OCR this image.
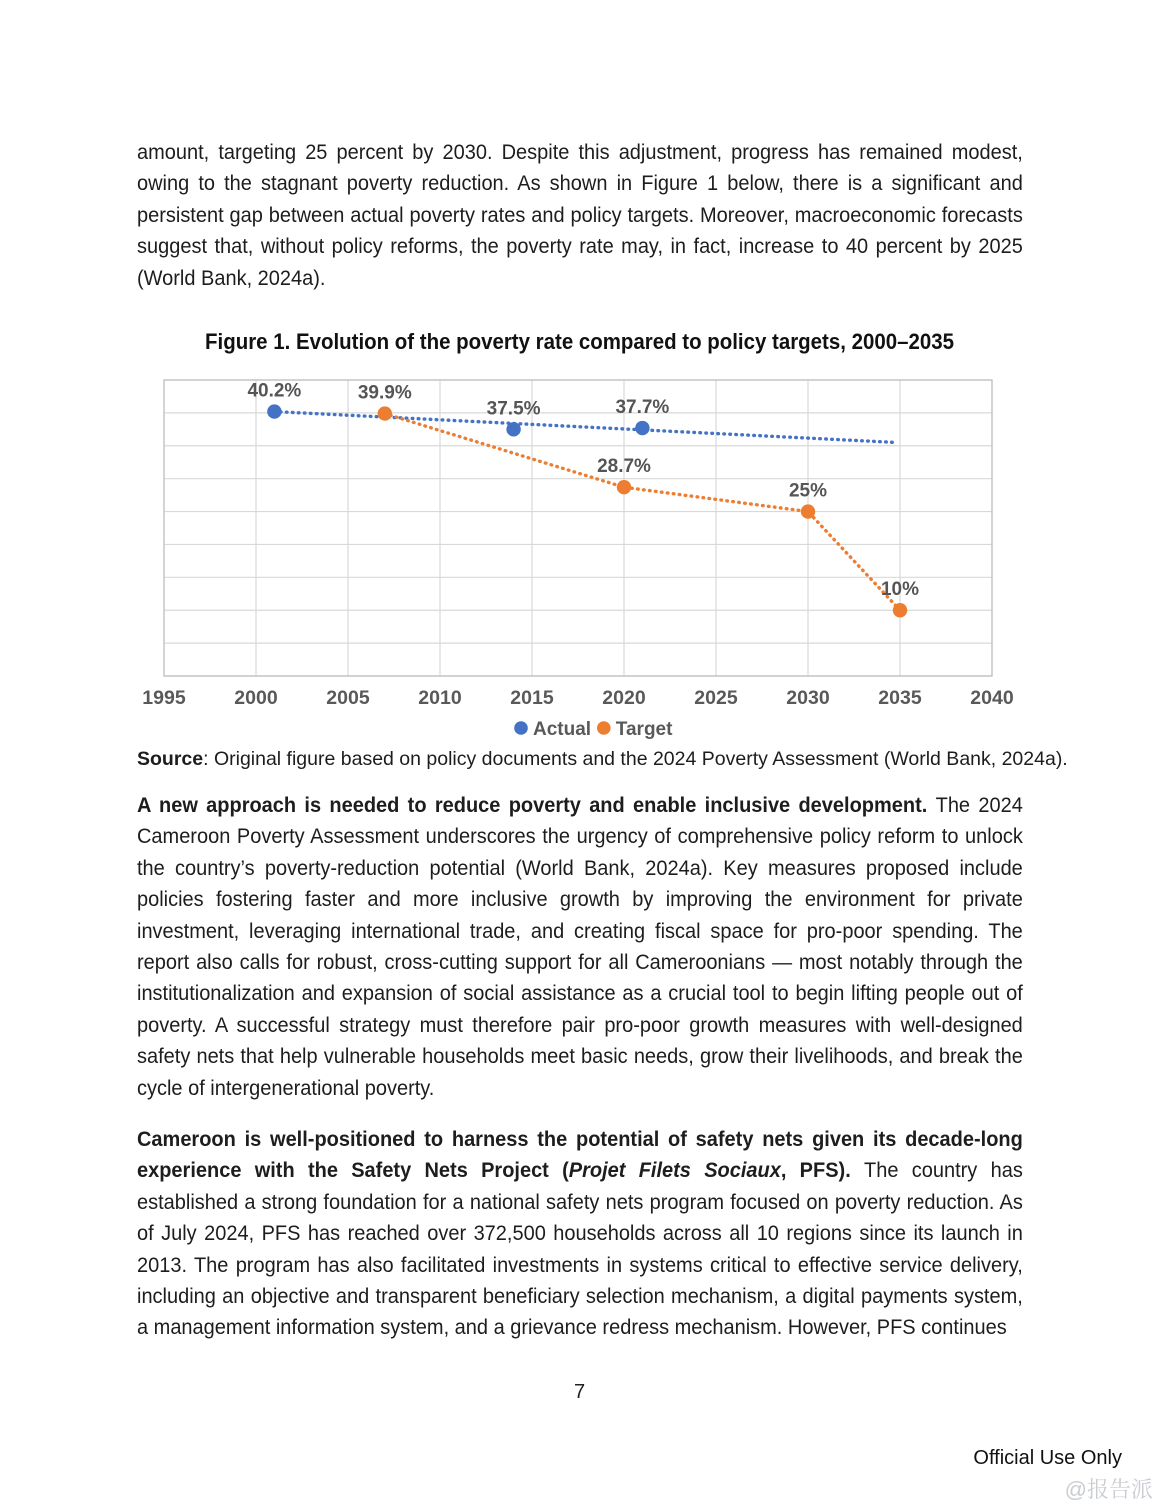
amount, targeting 25 percent by 2030. Despite this adjustment, progress has remained modest, owing to the stagnant poverty reduction. As shown in Figure 1 below, there is a significant and persistent gap between actual poverty rates and policy targets. Moreover, macroeconomic forecasts suggest that, without policy reforms, the poverty rate may, in fact, increase to 40 percent by 2025 (World Bank, 2024a).

Figure 1. Evolution of the poverty rate compared to policy targets, 2000–2035
1995 2000 2005 2010 2015 2020 2025 2030 2035 2040
40.2%
37.5%	37.7%
39.9%
28.7%
25%
10%
Actual Target

Source: Original figure based on policy documents and the 2024 Poverty Assessment (World Bank, 2024a).

A new approach is needed to reduce poverty and enable inclusive development. The 2024 Cameroon Poverty Assessment underscores the urgency of comprehensive policy reform to unlock the country’s poverty-reduction potential (World Bank, 2024a). Key measures proposed include policies fostering faster and more inclusive growth by improving the environment for private investment, leveraging international trade, and creating fiscal space for pro-poor spending. The report also calls for robust, cross-cutting support for all Cameroonians — most notably through the institutionalization and expansion of social assistance as a crucial tool to begin lifting people out of poverty. A successful strategy must therefore pair pro-poor growth measures with well-designed safety nets that help vulnerable households meet basic needs, grow their livelihoods, and break the cycle of intergenerational poverty.

Cameroon is well-positioned to harness the potential of safety nets given its decade-long experience with the Safety Nets Project (Projet Filets Sociaux, PFS). The country has established a strong foundation for a national safety nets program focused on poverty reduction. As of July 2024, PFS has reached over 372,500 households across all 10 regions since its launch in 2013. The program has also facilitated investments in systems critical to effective service delivery, including an objective and transparent beneficiary selection mechanism, a digital payments system, a management information system, and a grievance redress mechanism. However, PFS continues

7
Official Use Only
@报告派
